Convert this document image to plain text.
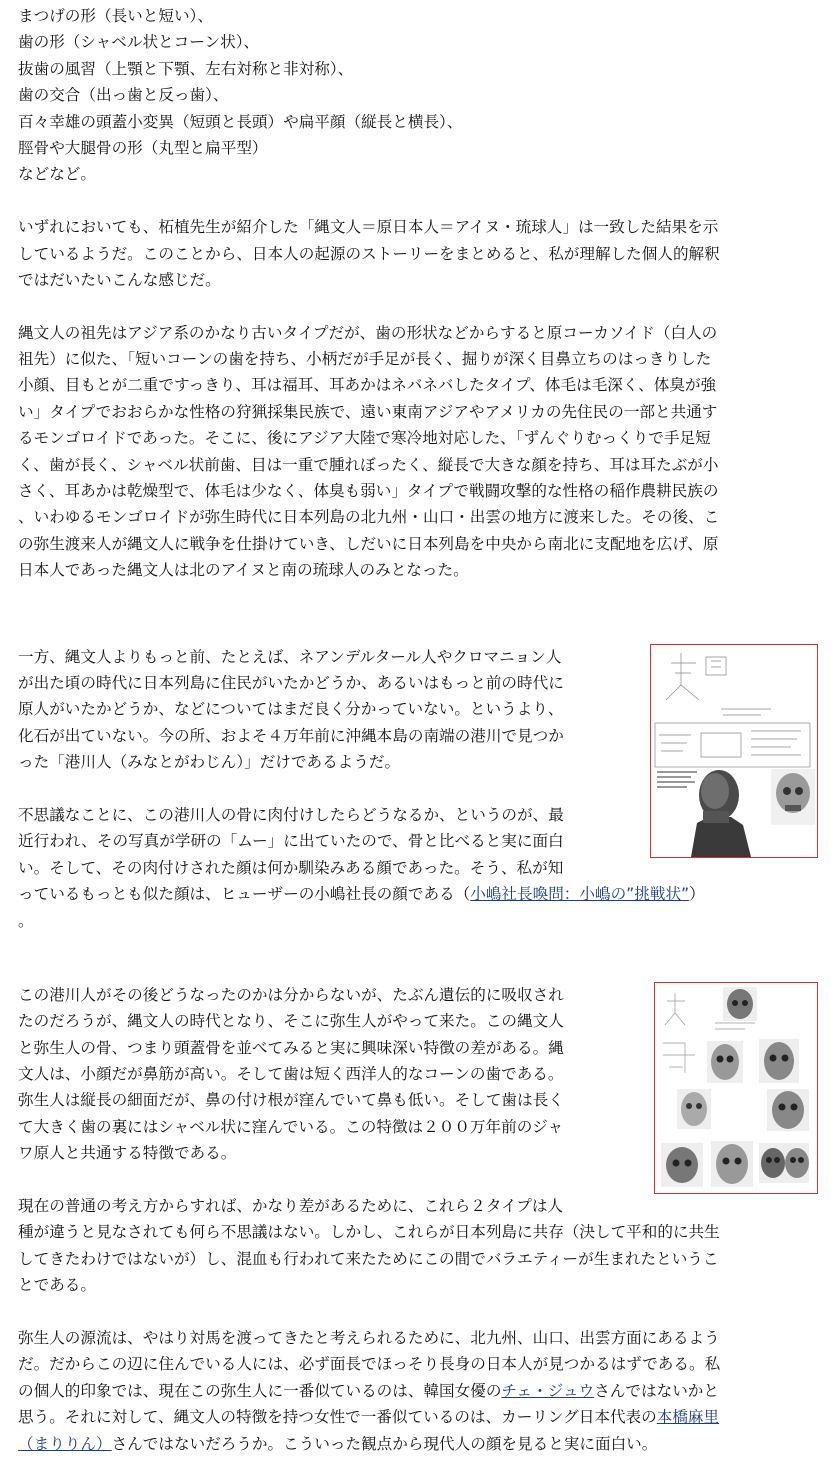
まつげの形（長いと短い）、
歯の形（シャベル状とコーン状）、
抜歯の風習（上顎と下顎、左右対称と非対称）、
歯の交合（出っ歯と反っ歯）、
百々幸雄の頭蓋小変異（短頭と長頭）や扁平顔（縦長と横長）、
脛骨や大腿骨の形（丸型と扁平型）
などなど。

いずれにおいても、柘植先生が紹介した「縄文人＝原日本人＝アイヌ・琉球人」は一致した結果を示
しているようだ。このことから、日本人の起源のストーリーをまとめると、私が理解した個人的解釈
ではだいたいこんな感じだ。

縄文人の祖先はアジア系のかなり古いタイプだが、歯の形状などからすると原コーカソイド（白人の
祖先）に似た、「短いコーンの歯を持ち、小柄だが手足が長く、掘りが深く目鼻立ちのはっきりした
小顔、目もとが二重ですっきり、耳は福耳、耳あかはネバネバしたタイプ、体毛は毛深く、体臭が強
い」タイプでおおらかな性格の狩猟採集民族で、遠い東南アジアやアメリカの先住民の一部と共通す
るモンゴロイドであった。そこに、後にアジア大陸で寒冷地対応した、「ずんぐりむっくりで手足短
く、歯が長く、シャベル状前歯、目は一重で腫れぼったく、縦長で大きな顔を持ち、耳は耳たぶが小
さく、耳あかは乾燥型で、体毛は少なく、体臭も弱い」タイプで戦闘攻撃的な性格の稲作農耕民族の
、いわゆるモンゴロイドが弥生時代に日本列島の北九州・山口・出雲の地方に渡来した。その後、こ
の弥生渡来人が縄文人に戦争を仕掛けていき、しだいに日本列島を中央から南北に支配地を広げ、原
日本人であった縄文人は北のアイヌと南の琉球人のみとなった。

一方、縄文人よりもっと前、たとえば、ネアンデルタール人やクロマニョン人
が出た頃の時代に日本列島に住民がいたかどうか、あるいはもっと前の時代に
原人がいたかどうか、などについてはまだ良く分かっていない。というより、
化石が出ていない。今の所、およそ４万年前に沖縄本島の南端の港川で見つか
った「港川人（みなとがわじん）」だけであるようだ。

不思議なことに、この港川人の骨に肉付けしたらどうなるか、というのが、最
近行われ、その写真が学研の「ムー」に出ていたので、骨と比べると実に面白
い。そして、その肉付けされた顔は何か馴染みある顔であった。そう、私が知
っているもっとも似た顔は、ヒューザーの小嶋社長の顔である（小嶋社長喚問：小嶋の”挑戦状”）
。

この港川人がその後どうなったのかは分からないが、たぶん遺伝的に吸収され
たのだろうが、縄文人の時代となり、そこに弥生人がやって来た。この縄文人
と弥生人の骨、つまり頭蓋骨を並べてみると実に興味深い特徴の差がある。縄
文人は、小顔だが鼻筋が高い。そして歯は短く西洋人的なコーンの歯である。
弥生人は縦長の細面だが、鼻の付け根が窪んでいて鼻も低い。そして歯は長く
て大きく歯の裏にはシャベル状に窪んでいる。この特徴は２００万年前のジャ
ワ原人と共通する特徴である。

現在の普通の考え方からすれば、かなり差があるために、これら２タイプは人
種が違うと見なされても何ら不思議はない。しかし、これらが日本列島に共存（決して平和的に共生
してきたわけではないが）し、混血も行われて来たためにこの間でバラエティーが生まれたというこ
とである。

弥生人の源流は、やはり対馬を渡ってきたと考えられるために、北九州、山口、出雲方面にあるよう
だ。だからこの辺に住んでいる人には、必ず面長でほっそり長身の日本人が見つかるはずである。私
の個人的印象では、現在この弥生人に一番似ているのは、韓国女優のチェ・ジュウさんではないかと
思う。それに対して、縄文人の特徴を持つ女性で一番似ているのは、カーリング日本代表の本橋麻里
（まりりん）さんではないだろうか。こういった観点から現代人の顔を見ると実に面白い。
